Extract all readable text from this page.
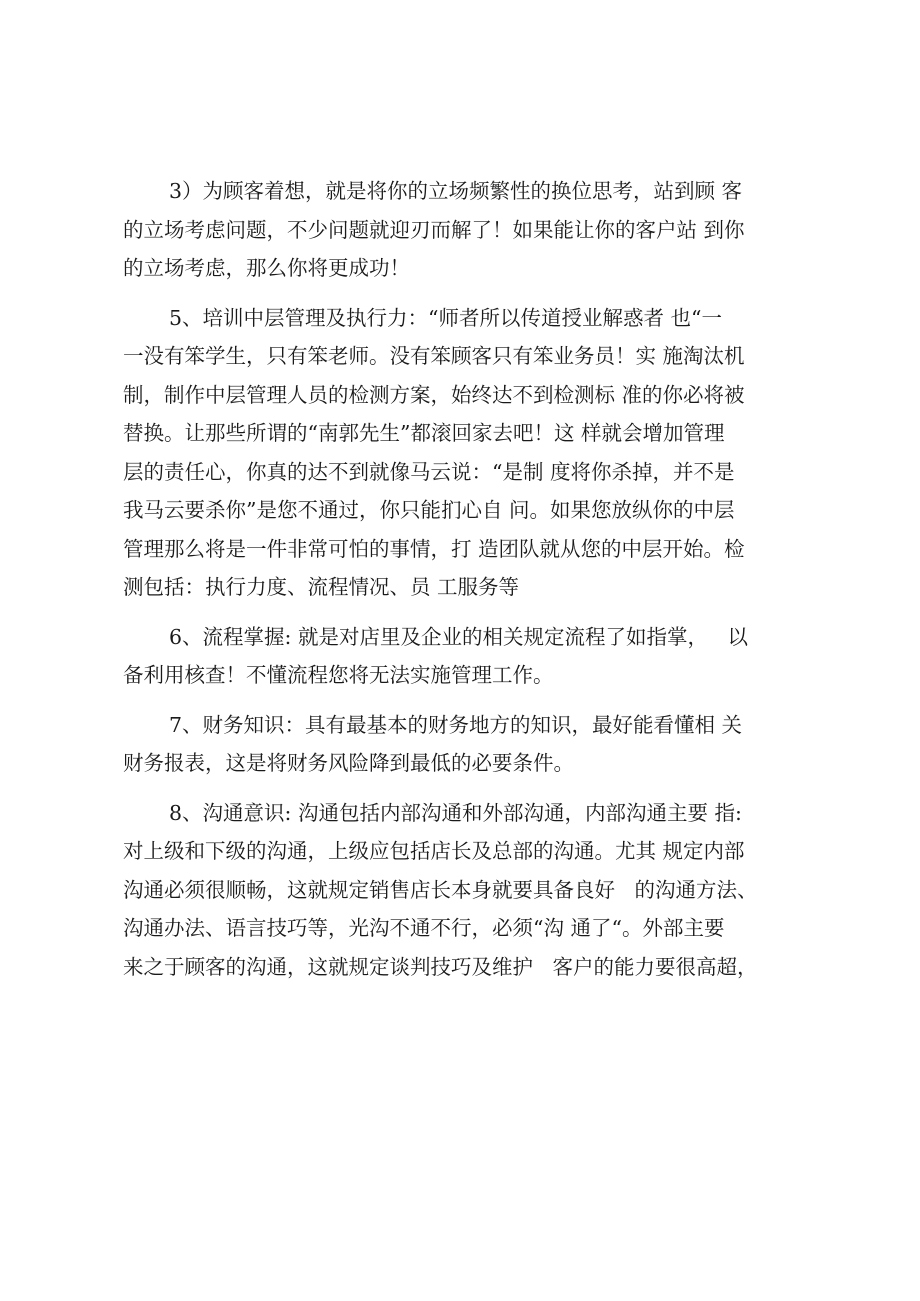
3）为顾客着想，就是将你的立场频繁性的换位思考，站到顾 客
的立场考虑问题，不少问题就迎刃而解了！如果能让你的客户站 到你
的立场考虑，那么你将更成功！
5、培训中层管理及执行力：“师者所以传道授业解惑者 也“一
一没有笨学生，只有笨老师。没有笨顾客只有笨业务员！实 施淘汰机
制，制作中层管理人员的检测方案，始终达不到检测标 准的你必将被
替换。让那些所谓的“南郭先生”都滚回家去吧！这 样就会增加管理
层的责任心，你真的达不到就像马云说：“是制 度将你杀掉，并不是
我马云要杀你”是您不通过，你只能扪心自 问。如果您放纵你的中层
管理那么将是一件非常可怕的事情，打 造团队就从您的中层开始。检
测包括：执行力度、流程情况、员 工服务等
6、流程掌握: 就是对店里及企业的相关规定流程了如指掌，   以
备利用核查！不懂流程您将无法实施管理工作。
7、财务知识：具有最基本的财务地方的知识，最好能看懂相 关
财务报表，这是将财务风险降到最低的必要条件。
8、沟通意识: 沟通包括内部沟通和外部沟通，内部沟通主要 指:
对上级和下级的沟通，上级应包括店长及总部的沟通。尤其 规定内部
沟通必须很顺畅，这就规定销售店长本身就要具备良好   的沟通方法、
沟通办法、语言技巧等，光沟不通不行，必须“沟 通了“。外部主要
来之于顾客的沟通，这就规定谈判技巧及维护   客户的能力要很高超，
